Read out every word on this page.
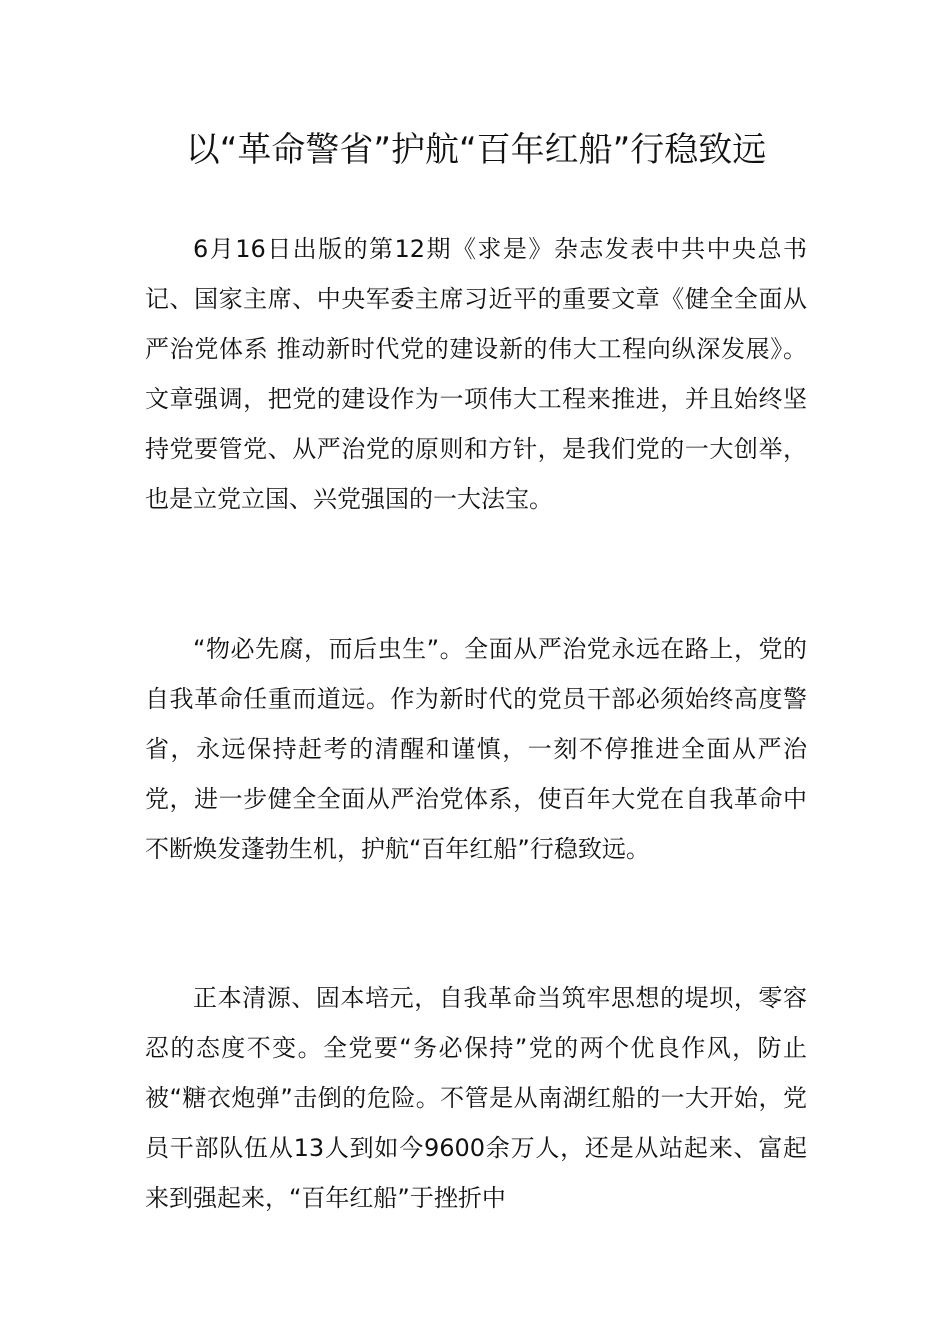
以“革命警省”护航“百年红船”行稳致远

6月16日出版的第12期《求是》杂志发表中共中央总书记、国家主席、中央军委主席习近平的重要文章《健全全面从严治党体系 推动新时代党的建设新的伟大工程向纵深发展》。文章强调，把党的建设作为一项伟大工程来推进，并且始终坚持党要管党、从严治党的原则和方针，是我们党的一大创举，也是立党立国、兴党强国的一大法宝。

“物必先腐，而后虫生”。全面从严治党永远在路上，党的自我革命任重而道远。作为新时代的党员干部必须始终高度警省，永远保持赶考的清醒和谨慎，一刻不停推进全面从严治党，进一步健全全面从严治党体系，使百年大党在自我革命中不断焕发蓬勃生机，护航“百年红船”行稳致远。

正本清源、固本培元，自我革命当筑牢思想的堤坝，零容忍的态度不变。全党要“务必保持”党的两个优良作风，防止被“糖衣炮弹”击倒的危险。不管是从南湖红船的一大开始，党员干部队伍从13人到如今9600余万人，还是从站起来、富起来到强起来，“百年红船”于挫折中
